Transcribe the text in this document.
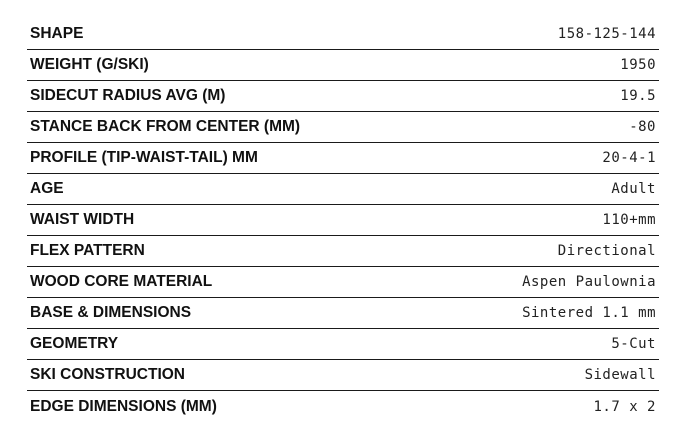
SHAPE	158-125-144
WEIGHT (G/SKI)	1950
SIDECUT RADIUS AVG (M)	19.5
STANCE BACK FROM CENTER (MM)	-80
PROFILE (TIP-WAIST-TAIL) MM	20-4-1
AGE	Adult
WAIST WIDTH	110+mm
FLEX PATTERN	Directional
WOOD CORE MATERIAL	Aspen Paulownia
BASE & DIMENSIONS	Sintered 1.1 mm
GEOMETRY	5-Cut
SKI CONSTRUCTION	Sidewall
EDGE DIMENSIONS (MM)	1.7 x 2
